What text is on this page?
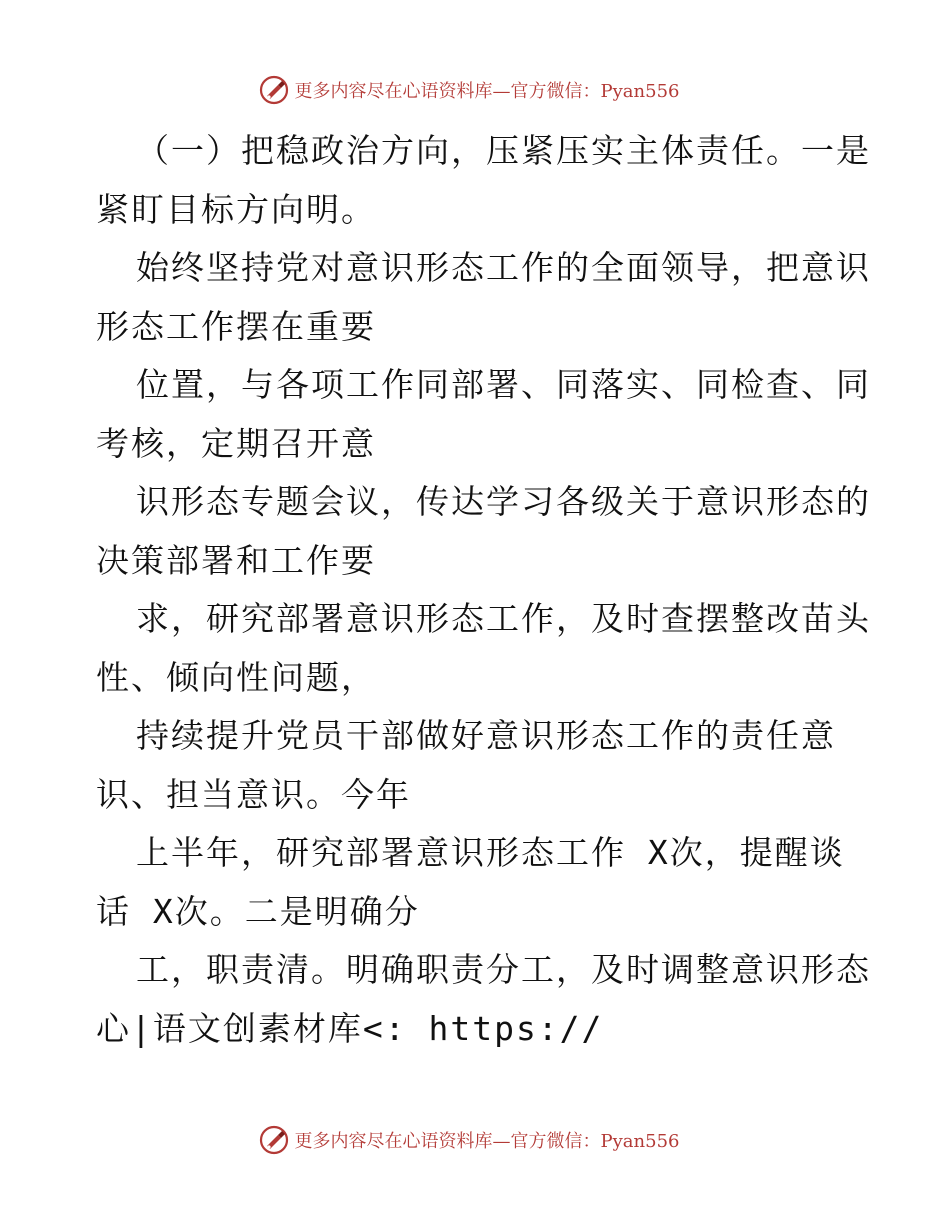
更多内容尽在心语资料库—官方微信：Pyan556
（一）把稳政治方向，压紧压实主体责任。一是
紧盯目标方向明。
始终坚持党对意识形态工作的全面领导，把意识
形态工作摆在重要
位置，与各项工作同部署、同落实、同检查、同
考核，定期召开意
识形态专题会议，传达学习各级关于意识形态的
决策部署和工作要
求，研究部署意识形态工作，及时查摆整改苗头
性、倾向性问题，
持续提升党员干部做好意识形态工作的责任意
识、担当意识。今年
上半年，研究部署意识形态工作 X次，提醒谈
话 X次。二是明确分
工，职责清。明确职责分工，及时调整意识形态
心|语文创素材库<: https://
更多内容尽在心语资料库—官方微信：Pyan556
